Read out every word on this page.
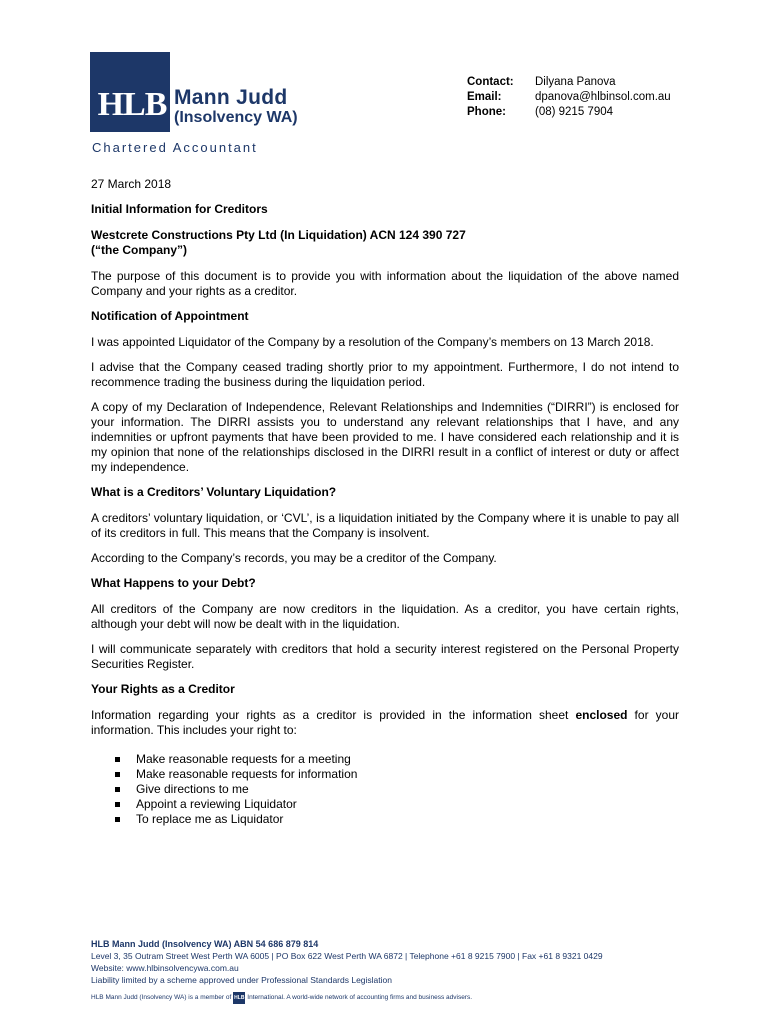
HLB Mann Judd
(Insolvency WA)
Chartered Accountant
Contact:	Dilyana Panova
Email:	dpanova@hlbinsol.com.au
Phone:	(08) 9215 7904

27 March 2018

Initial Information for Creditors

Westcrete Constructions Pty Ltd (In Liquidation) ACN 124 390 727

(“the Company”)

The purpose of this document is to provide you with information about the liquidation of the above named Company and your rights as a creditor.

Notification of Appointment

I was appointed Liquidator of the Company by a resolution of the Company’s members on 13 March 2018.

I advise that the Company ceased trading shortly prior to my appointment. Furthermore, I do not intend to recommence trading the business during the liquidation period.

A copy of my Declaration of Independence, Relevant Relationships and Indemnities (“DIRRI”) is enclosed for your information. The DIRRI assists you to understand any relevant relationships that I have, and any indemnities or upfront payments that have been provided to me. I have considered each relationship and it is my opinion that none of the relationships disclosed in the DIRRI result in a conflict of interest or duty or affect my independence.

What is a Creditors’ Voluntary Liquidation?

A creditors’ voluntary liquidation, or ‘CVL’, is a liquidation initiated by the Company where it is unable to pay all of its creditors in full. This means that the Company is insolvent.

According to the Company’s records, you may be a creditor of the Company.

What Happens to your Debt?

All creditors of the Company are now creditors in the liquidation. As a creditor, you have certain rights, although your debt will now be dealt with in the liquidation.

I will communicate separately with creditors that hold a security interest registered on the Personal Property Securities Register.

Your Rights as a Creditor

Information regarding your rights as a creditor is provided in the information sheet enclosed for your information. This includes your right to:

Make reasonable requests for a meeting
Make reasonable requests for information
Give directions to me
Appoint a reviewing Liquidator
To replace me as Liquidator
HLB Mann Judd (Insolvency WA) ABN 54 686 879 814
Level 3, 35 Outram Street West Perth WA 6005 | PO Box 622 West Perth WA 6872 | Telephone +61 8 9215 7900 | Fax +61 8 9321 0429
Website: www.hlbinsolvencywa.com.au
Liability limited by a scheme approved under Professional Standards Legislation
HLB Mann Judd (Insolvency WA) is a member of HLB International. A world-wide network of accounting firms and business advisers.
